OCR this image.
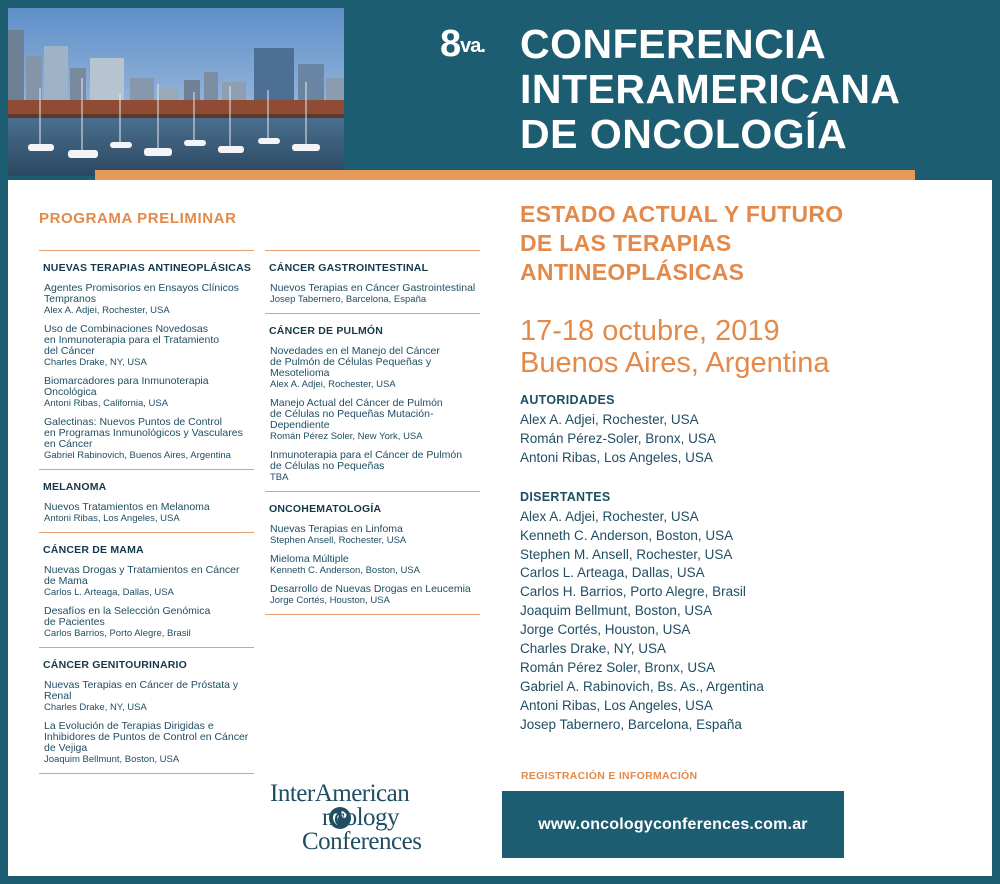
$8^{va.}$ CONFERENCIA
INTERAMERICANA
DE ONCOLOGÍA
PROGRAMA PRELIMINAR
NUEVAS TERAPIAS ANTINEOPLÁSICAS
Agentes Promisorios en Ensayos Clínicos
Tempranos
Alex A. Adjei, Rochester, USA
Uso de Combinaciones Novedosas
en Inmunoterapia para el Tratamiento
del Cáncer
Charles Drake, NY, USA
Biomarcadores para Inmunoterapia
Oncológica
Antoni Ribas, California, USA
Galectinas: Nuevos Puntos de Control
en Programas Inmunológicos y Vasculares
en Cáncer
Gabriel Rabinovich, Buenos Aires, Argentina
MELANOMA
Nuevos Tratamientos en Melanoma
Antoni Ribas, Los Angeles, USA
CÁNCER DE MAMA
Nuevas Drogas y Tratamientos en Cáncer
de Mama
Carlos L. Arteaga, Dallas, USA
Desafíos en la Selección Genómica
de Pacientes
Carlos Barrios, Porto Alegre, Brasil
CÁNCER GENITOURINARIO
Nuevas Terapias en Cáncer de Próstata y
Renal
Charles Drake, NY, USA
La Evolución de Terapias Dirigidas e
Inhibidores de Puntos de Control en Cáncer
de Vejiga
Joaquim Bellmunt, Boston, USA
CÁNCER GASTROINTESTINAL
Nuevos Terapias en Cáncer Gastrointestinal
Josep Tabernero, Barcelona, España
CÁNCER DE PULMÓN
Novedades en el Manejo del Cáncer
de Pulmón de Células Pequeñas y
Mesotelioma
Alex A. Adjei, Rochester, USA
Manejo Actual del Cáncer de Pulmón
de Células no Pequeñas Mutación-
Dependiente
Román Pérez Soler, New York, USA
Inmunoterapia para el Cáncer de Pulmón
de Células no Pequeñas
TBA
ONCOHEMATOLOGÍA
Nuevas Terapias en Linfoma
Stephen Ansell, Rochester, USA
Mieloma Múltiple
Kenneth C. Anderson, Boston, USA
Desarrollo de Nuevas Drogas en Leucemia
Jorge Cortés, Houston, USA
ESTADO ACTUAL Y FUTURO
DE LAS TERAPIAS
ANTINEOPLÁSICAS
17-18 octubre, 2019
Buenos Aires, Argentina
AUTORIDADES
Alex A. Adjei, Rochester, USA
Román Pérez-Soler, Bronx, USA
Antoni Ribas, Los Angeles, USA
DISERTANTES
Alex A. Adjei, Rochester, USA
Kenneth C. Anderson, Boston, USA
Stephen M. Ansell, Rochester, USA
Carlos L. Arteaga, Dallas, USA
Carlos H. Barrios, Porto Alegre, Brasil
Joaquim Bellmunt, Boston, USA
Jorge Cortés, Houston, USA
Charles Drake, NY, USA
Román Pérez Soler, Bronx, USA
Gabriel A. Rabinovich, Bs. As., Argentina
Antoni Ribas, Los Angeles, USA
Josep Tabernero, Barcelona, España
InterAmerican
ncology
Conferences
REGISTRACIÓN E INFORMACIÓN
www.oncologyconferences.com.ar
